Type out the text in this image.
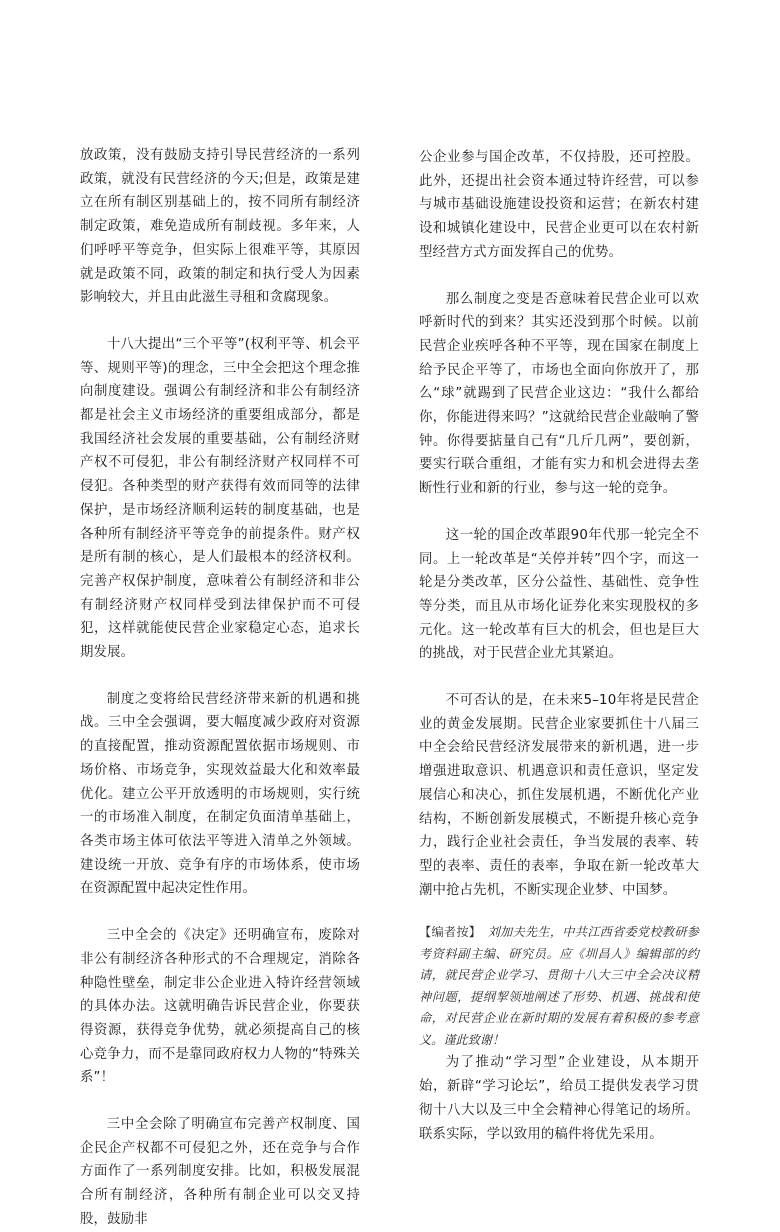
放政策，没有鼓励支持引导民营经济的一系列政策，就没有民营经济的今天;但是，政策是建立在所有制区别基础上的，按不同所有制经济制定政策，难免造成所有制歧视。多年来，人们呼呼平等竞争，但实际上很难平等，其原因就是政策不同，政策的制定和执行受人为因素影响较大，并且由此滋生寻租和贪腐现象。

十八大提出“三个平等”(权利平等、机会平等、规则平等)的理念，三中全会把这个理念推向制度建设。强调公有制经济和非公有制经济都是社会主义市场经济的重要组成部分，都是我国经济社会发展的重要基础，公有制经济财产权不可侵犯，非公有制经济财产权同样不可侵犯。各种类型的财产获得有效而同等的法律保护，是市场经济顺利运转的制度基础，也是各种所有制经济平等竞争的前提条件。财产权是所有制的核心，是人们最根本的经济权利。完善产权保护制度，意味着公有制经济和非公有制经济财产权同样受到法律保护而不可侵犯，这样就能使民营企业家稳定心态，追求长期发展。

制度之变将给民营经济带来新的机遇和挑战。三中全会强调，要大幅度减少政府对资源的直接配置，推动资源配置依据市场规则、市场价格、市场竞争，实现效益最大化和效率最优化。建立公平开放透明的市场规则，实行统一的市场准入制度，在制定负面清单基础上，各类市场主体可依法平等进入清单之外领域。建设统一开放、竞争有序的市场体系，使市场在资源配置中起决定性作用。

三中全会的《决定》还明确宣布，废除对非公有制经济各种形式的不合理规定，消除各种隐性壁垒，制定非公企业进入特许经营领域的具体办法。这就明确告诉民营企业，你要获得资源，获得竞争优势，就必须提高自己的核心竞争力，而不是靠同政府权力人物的“特殊关系”！

三中全会除了明确宣布完善产权制度、国企民企产权都不可侵犯之外，还在竞争与合作方面作了一系列制度安排。比如，积极发展混合所有制经济，各种所有制企业可以交叉持股，鼓励非

公企业参与国企改革，不仅持股，还可控股。此外，还提出社会资本通过特许经营，可以参与城市基础设施建设投资和运营；在新农村建设和城镇化建设中，民营企业更可以在农村新型经营方式方面发挥自己的优势。

那么制度之变是否意味着民营企业可以欢呼新时代的到来？其实还没到那个时候。以前民营企业疾呼各种不平等，现在国家在制度上给予民企平等了，市场也全面向你放开了，那么“球”就踢到了民营企业这边：“我什么都给你，你能进得来吗？”这就给民营企业敲响了警钟。你得要掂量自己有“几斤几两”，要创新，要实行联合重组，才能有实力和机会进得去垄断性行业和新的行业，参与这一轮的竞争。

这一轮的国企改革跟90年代那一轮完全不同。上一轮改革是“关停并转”四个字，而这一轮是分类改革，区分公益性、基础性、竞争性等分类，而且从市场化证券化来实现股权的多元化。这一轮改革有巨大的机会，但也是巨大的挑战，对于民营企业尤其紧迫。

不可否认的是，在未来5–10年将是民营企业的黄金发展期。民营企业家要抓住十八届三中全会给民营经济发展带来的新机遇，进一步增强进取意识、机遇意识和责任意识，坚定发展信心和决心，抓住发展机遇，不断优化产业结构，不断创新发展模式，不断提升核心竞争力，践行企业社会责任，争当发展的表率、转型的表率、责任的表率，争取在新一轮改革大潮中抢占先机，不断实现企业梦、中国梦。

【编者按】　刘加夫先生，中共江西省委党校教研参考资料副主编、研究员。应《圳昌人》编辑部的约请，就民营企业学习、贯彻十八大三中全会决议精神问题，提纲挈领地阐述了形势、机遇、挑战和使命，对民营企业在新时期的发展有着积极的参考意义。谨此致谢！

为了推动“学习型”企业建设，从本期开始，新辟“学习论坛”，给员工提供发表学习贯彻十八大以及三中全会精神心得笔记的场所。联系实际，学以致用的稿件将优先采用。
